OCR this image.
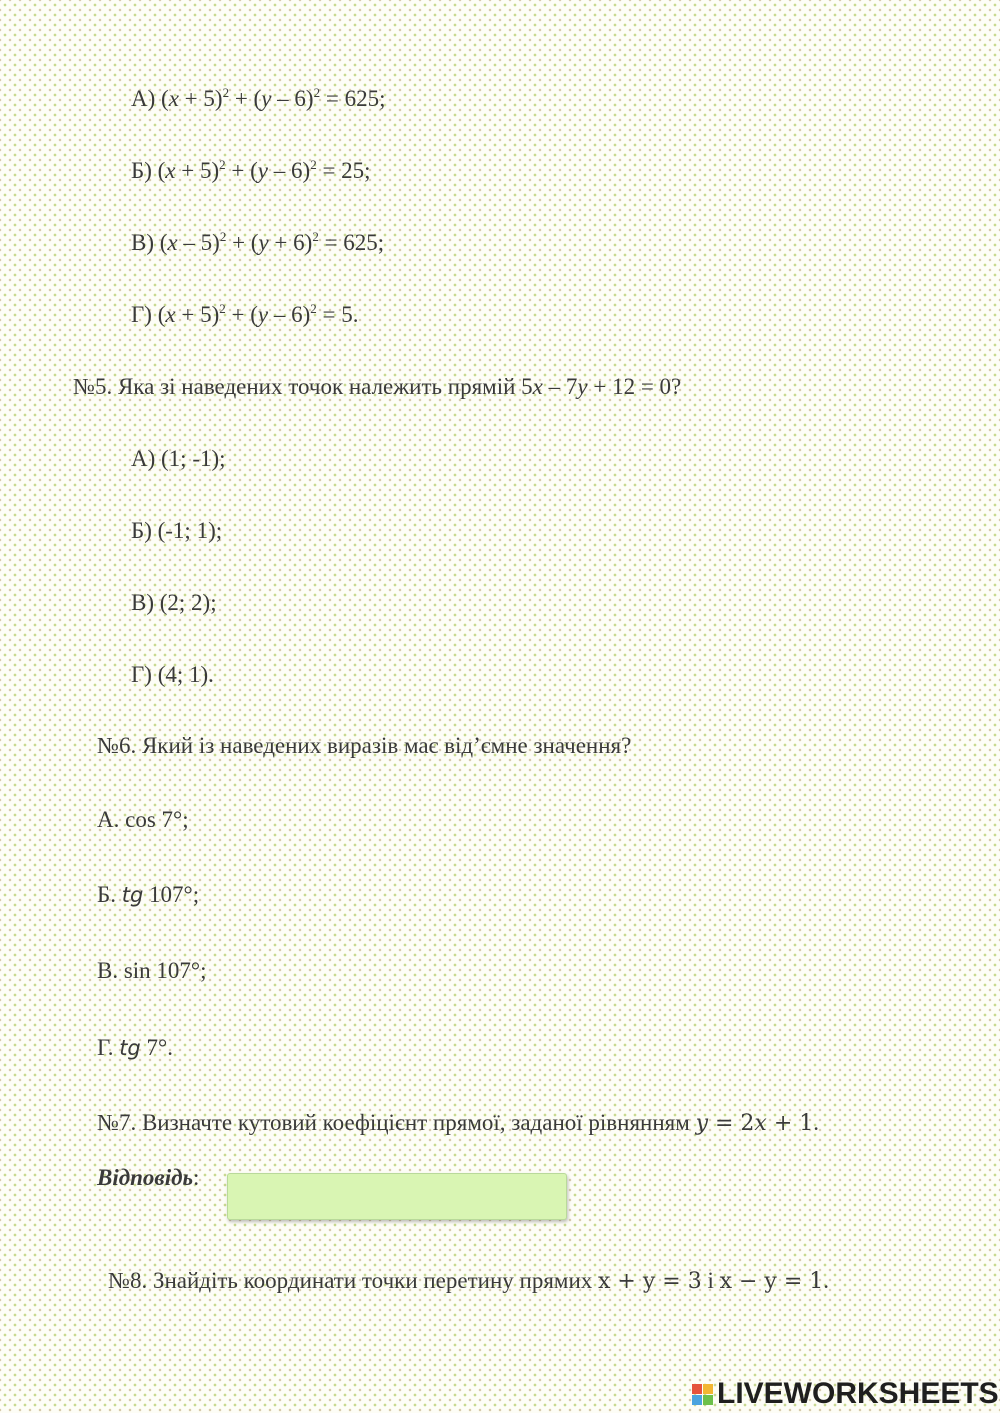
А) $(x + 5)^2 + (y - 6)^2 = 625$;
Б) $(x + 5)^2 + (y - 6)^2 = 25$;
В) $(x - 5)^2 + (y + 6)^2 = 625$;
Г) $(x + 5)^2 + (y - 6)^2 = 5$.
№5. Яка зі наведених точок належить прямій 5x – 7y + 12 = 0?
А) (1; -1);
Б) (-1; 1);
В) (2; 2);
Г) (4; 1).
№6. Який із наведених виразів має від’ємне значення?
А. cos 7°;
Б. tg 107°;
В. sin 107°;
Г. tg 7°.
№7. Визначте кутовий коефіцієнт прямої, заданої рівнянням y = 2x + 1.
Відповідь:
№8. Знайдіть координати точки перетину прямих x + y = 3 і x − y = 1.
LIVEWORKSHEETS
